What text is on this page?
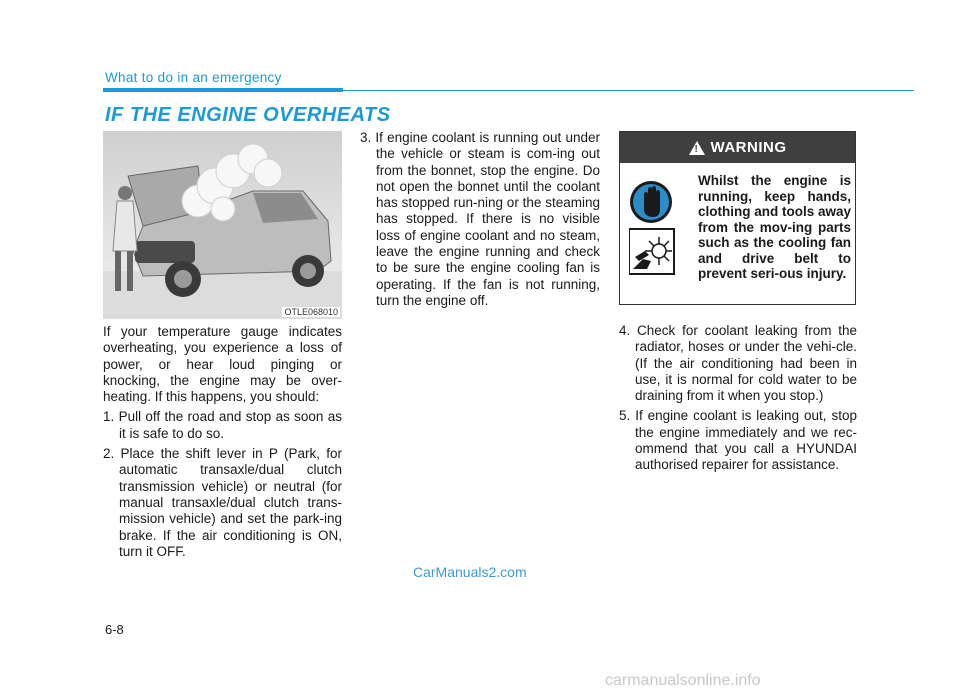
What to do in an emergency
IF THE ENGINE OVERHEATS
OTLE068010

If your temperature gauge indicates overheating, you experience a loss of power, or hear loud pinging or knocking, the engine may be over-heating. If this happens, you should:

1. Pull off the road and stop as soon as it is safe to do so.
2. Place the shift lever in P (Park, for automatic transaxle/dual clutch transmission vehicle) or neutral (for manual transaxle/dual clutch trans-mission vehicle) and set the park-ing brake. If the air conditioning is ON, turn it OFF.
3. If engine coolant is running out under the vehicle or steam is com-ing out from the bonnet, stop the engine. Do not open the bonnet until the coolant has stopped run-ning or the steaming has stopped. If there is no visible loss of engine coolant and no steam, leave the engine running and check to be sure the engine cooling fan is operating. If the fan is not running, turn the engine off.
! WARNING
Whilst the engine is running, keep hands, clothing and tools away from the mov-ing parts such as the cooling fan and drive belt to prevent seri-ous injury.
4. Check for coolant leaking from the radiator, hoses or under the vehi-cle. (If the air conditioning had been in use, it is normal for cold water to be draining from it when you stop.)
5. If engine coolant is leaking out, stop the engine immediately and we rec-ommend that you call a HYUNDAI authorised repairer for assistance.
CarManuals2.com
6-8
carmanualsonline.info
